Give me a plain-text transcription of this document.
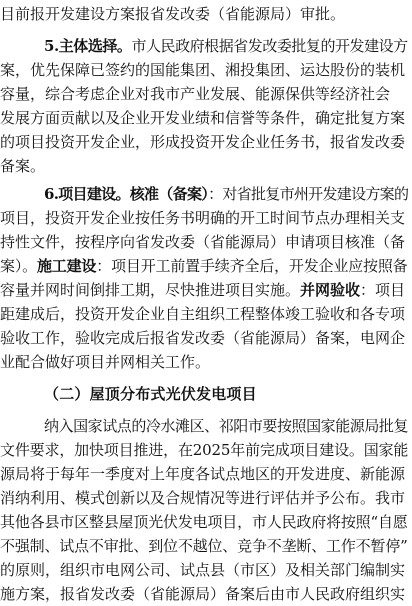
目前报开发建设方案报省发改委（省能源局）审批。
5.主体选择。市人民政府根据省发改委批复的开发建设方
案，优先保障已签约的国能集团、湘投集团、运达股份的装机
容量，综合考虑企业对我市产业发展、能源保供等经济社会
发展方面贡献以及企业开发业绩和信誉等条件，确定批复方案
的项目投资开发企业，形成投资开发企业任务书，报省发改委
备案。
6.项目建设。核准（备案）：对省批复市州开发建设方案的
项目，投资开发企业按任务书明确的开工时间节点办理相关支
持性文件，按程序向省发改委（省能源局）申请项目核准（备
案）。施工建设：项目开工前置手续齐全后，开发企业应按照备
容量并网时间倒排工期，尽快推进项目实施。并网验收：项目
距建成后，投资开发企业自主组织工程整体竣工验收和各专项
验收工作，验收完成后报省发改委（省能源局）备案，电网企
业配合做好项目并网相关工作。
（二）屋顶分布式光伏发电项目
纳入国家试点的冷水滩区、祁阳市要按照国家能源局批复
文件要求，加快项目推进，在2025年前完成项目建设。国家能
源局将于每年一季度对上年度各试点地区的开发进度、新能源
消纳利用、模式创新以及合规情况等进行评估并予公布。我市
其他各县市区整县屋顶光伏发电项目，市人民政府将按照“自愿
不强制、试点不审批、到位不越位、竞争不垄断、工作不暂停”
的原则，组织市电网公司、试点县（市区）及相关部门编制实
施方案，报省发改委（省能源局）备案后由市人民政府组织实
